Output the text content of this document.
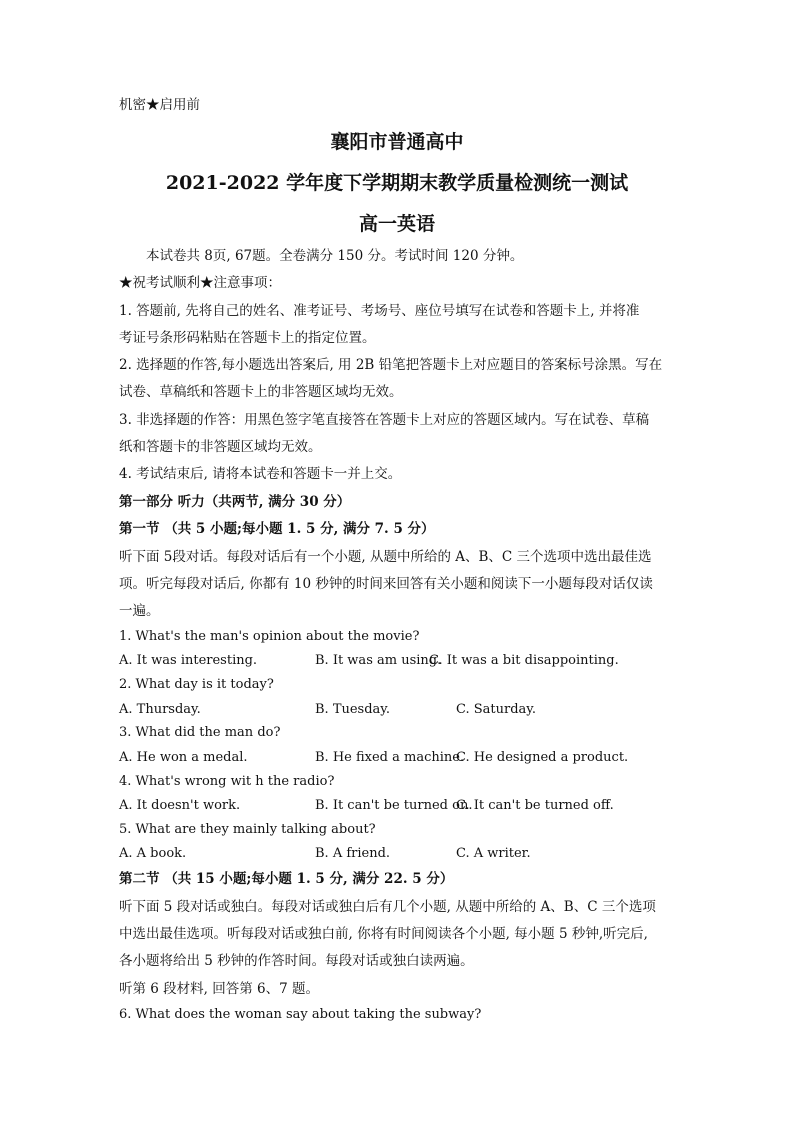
机密★启用前
襄阳市普通高中
2021-2022 学年度下学期期末教学质量检测统一测试
高一英语
本试卷共 8页, 67题。全卷满分 150 分。考试时间 120 分钟。
★祝考试顺利★注意事项：
1. 答题前, 先将自己的姓名、准考证号、考场号、座位号填写在试卷和答题卡上, 并将准
考证号条形码粘贴在答题卡上的指定位置。
2. 选择题的作答,每小题选出答案后, 用 2B 铅笔把答题卡上对应题目的答案标号涂黑。写在
试卷、草稿纸和答题卡上的非答题区域均无效。
3. 非选择题的作答：用黑色签字笔直接答在答题卡上对应的答题区域内。写在试卷、草稿
纸和答题卡的非答题区域均无效。
4. 考试结束后, 请将本试卷和答题卡一并上交。
第一部分 听力（共两节, 满分 30 分）
第一节 （共 5 小题;每小题 1. 5 分, 满分 7. 5 分）
听下面 5段对话。每段对话后有一个小题, 从题中所给的 A、B、C 三个选项中选出最佳选
项。听完每段对话后, 你都有 10 秒钟的时间来回答有关小题和阅读下一小题每段对话仅读
一遍。
1. What's the man's opinion about the movie?
A. It was interesting.	B. It was am using.
C. It was a bit disappointing.
2. What day is it today?
A. Thursday.	B. Tuesday.	C. Saturday.
3. What did the man do?
A. He won a medal.	B. He fixed a machine.
C. He designed a product.
4. What's wrong wit h the radio?
A. It doesn't work.	B. It can't be turned on.
C. It can't be turned off.
5. What are they mainly talking about?
A. A book.	B. A friend.	C. A writer.
第二节 （共 15 小题;每小题 1. 5 分, 满分 22. 5 分）
听下面 5 段对话或独白。每段对话或独白后有几个小题, 从题中所给的 A、B、C 三个选项
中选出最佳选项。听每段对话或独白前, 你将有时间阅读各个小题, 每小题 5 秒钟,听完后,
各小题将给出 5 秒钟的作答时间。每段对话或独白读两遍。
听第 6 段材料, 回答第 6、7 题。
6. What does the woman say about taking the subway?
